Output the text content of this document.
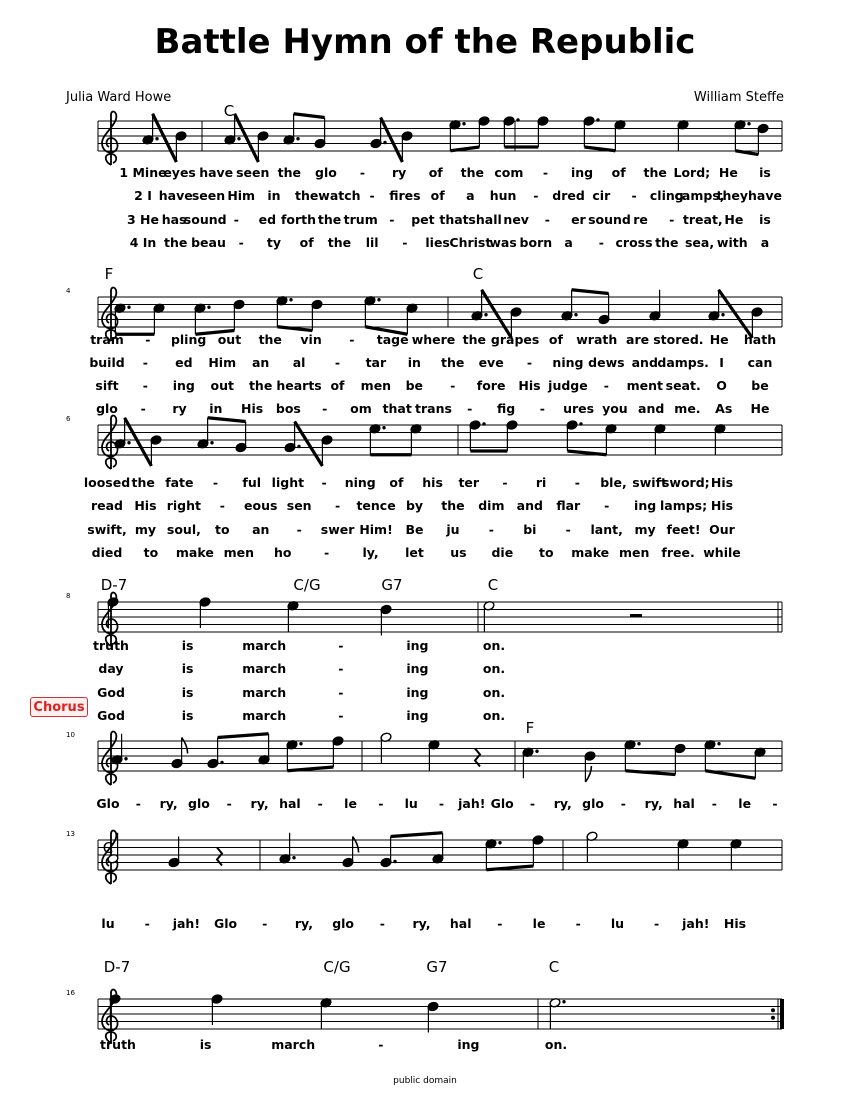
Battle Hymn of the Republic
Julia Ward Howe	William Steffe
Chorus
public domain
4
6
8
10
13
16
C
F	C
D-7	C/G	G7	C
F
C
D-7	C/G	G7	C
1 Mine
eyes have seen the glo - ry of the com - ing of the Lord; He is
2 I have seen Him in the watch - fires of a hun - dred cir - cling
camps,
they have
3 He has
sound - ed forth the trum - pet that shall nev - er sound re - treat, He is
4 In the beau - ty of the lil - lies Christ
was born a - cross the sea, with a
tram - pling out the vin - tage where the grapes of wrath are stored. He hath
build - ed Him an al - tar in the eve - ning dews and damps. I can
sift - ing out the hearts of men be - fore His judge - ment seat. O be
glo - ry in His bos - om that trans - fig - ures you and me. As He
loosed the fate - ful light - ning of his ter - ri - ble, swift
sword; His
read His right - eous sen - tence by the dim and flar - ing lamps; His
swift, my soul, to an - swer Him! Be ju - bi - lant, my feet! Our
died to make men ho	-	ly, let us die to make men free. while
truth	is	march	-	ing	on.
day	is	march	-	ing	on.
God	is	march	-	ing	on.
God	is	march	-	ing	on.
Glo - ry, glo - ry, hal - le - lu - jah! Glo - ry, glo - ry, hal - le -
lu - jah! Glo - ry, glo - ry, hal - le - lu - jah! His
truth	is	march	-	ing	on.
